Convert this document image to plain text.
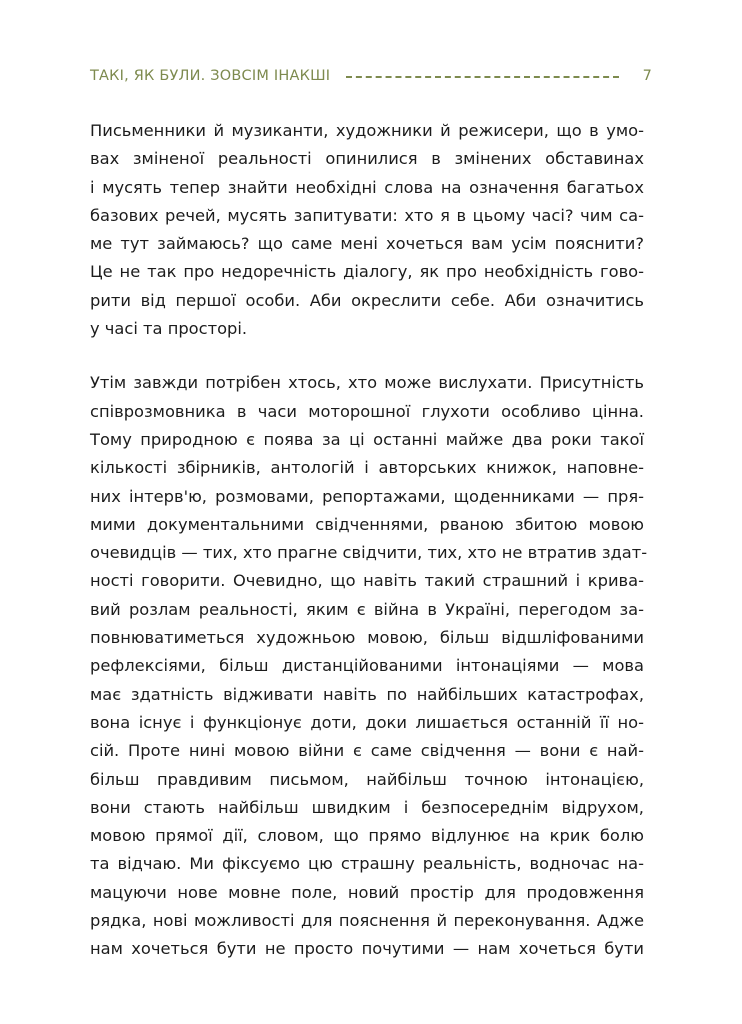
ТАКІ, ЯК БУЛИ. ЗОВСІМ ІНАКШІ	7

Письменники й музиканти, художники й режисери, що в умо-
вах зміненої реальності опинилися в змінених обставинах
і мусять тепер знайти необхідні слова на означення багатьох
базових речей, мусять запитувати: хто я в цьому часі? чим са-
ме тут займаюсь? що саме мені хочеться вам усім пояснити?
Це не так про недоречність діалогу, як про необхідність гово-
рити від першої особи. Аби окреслити себе. Аби означитись
у часі та просторі.

Утім завжди потрібен хтось, хто може вислухати. Присутність
співрозмовника в часи моторошної глухоти особливо цінна.
Тому природною є поява за ці останні майже два роки такої
кількості збірників, антологій і авторських книжок, наповне-
них інтерв'ю, розмовами, репортажами, щоденниками — пря-
мими документальними свідченнями, рваною збитою мовою
очевидців — тих, хто прагне свідчити, тих, хто не втратив здат-
ності говорити. Очевидно, що навіть такий страшний і крива-
вий розлам реальності, яким є війна в Україні, перегодом за-
повнюватиметься художньою мовою, більш відшліфованими
рефлексіями, більш дистанційованими інтонаціями — мова
має здатність відживати навіть по найбільших катастрофах,
вона існує і функціонує доти, доки лишається останній її но-
сій. Проте нині мовою війни є саме свідчення — вони є най-
більш правдивим письмом, найбільш точною інтонацією,
вони стають найбільш швидким і безпосереднім відрухом,
мовою прямої дії, словом, що прямо відлунює на крик болю
та відчаю. Ми фіксуємо цю страшну реальність, водночас на-
мацуючи нове мовне поле, новий простір для продовження
рядка, нові можливості для пояснення й переконування. Адже
нам хочеться бути не просто почутими — нам хочеться бути
